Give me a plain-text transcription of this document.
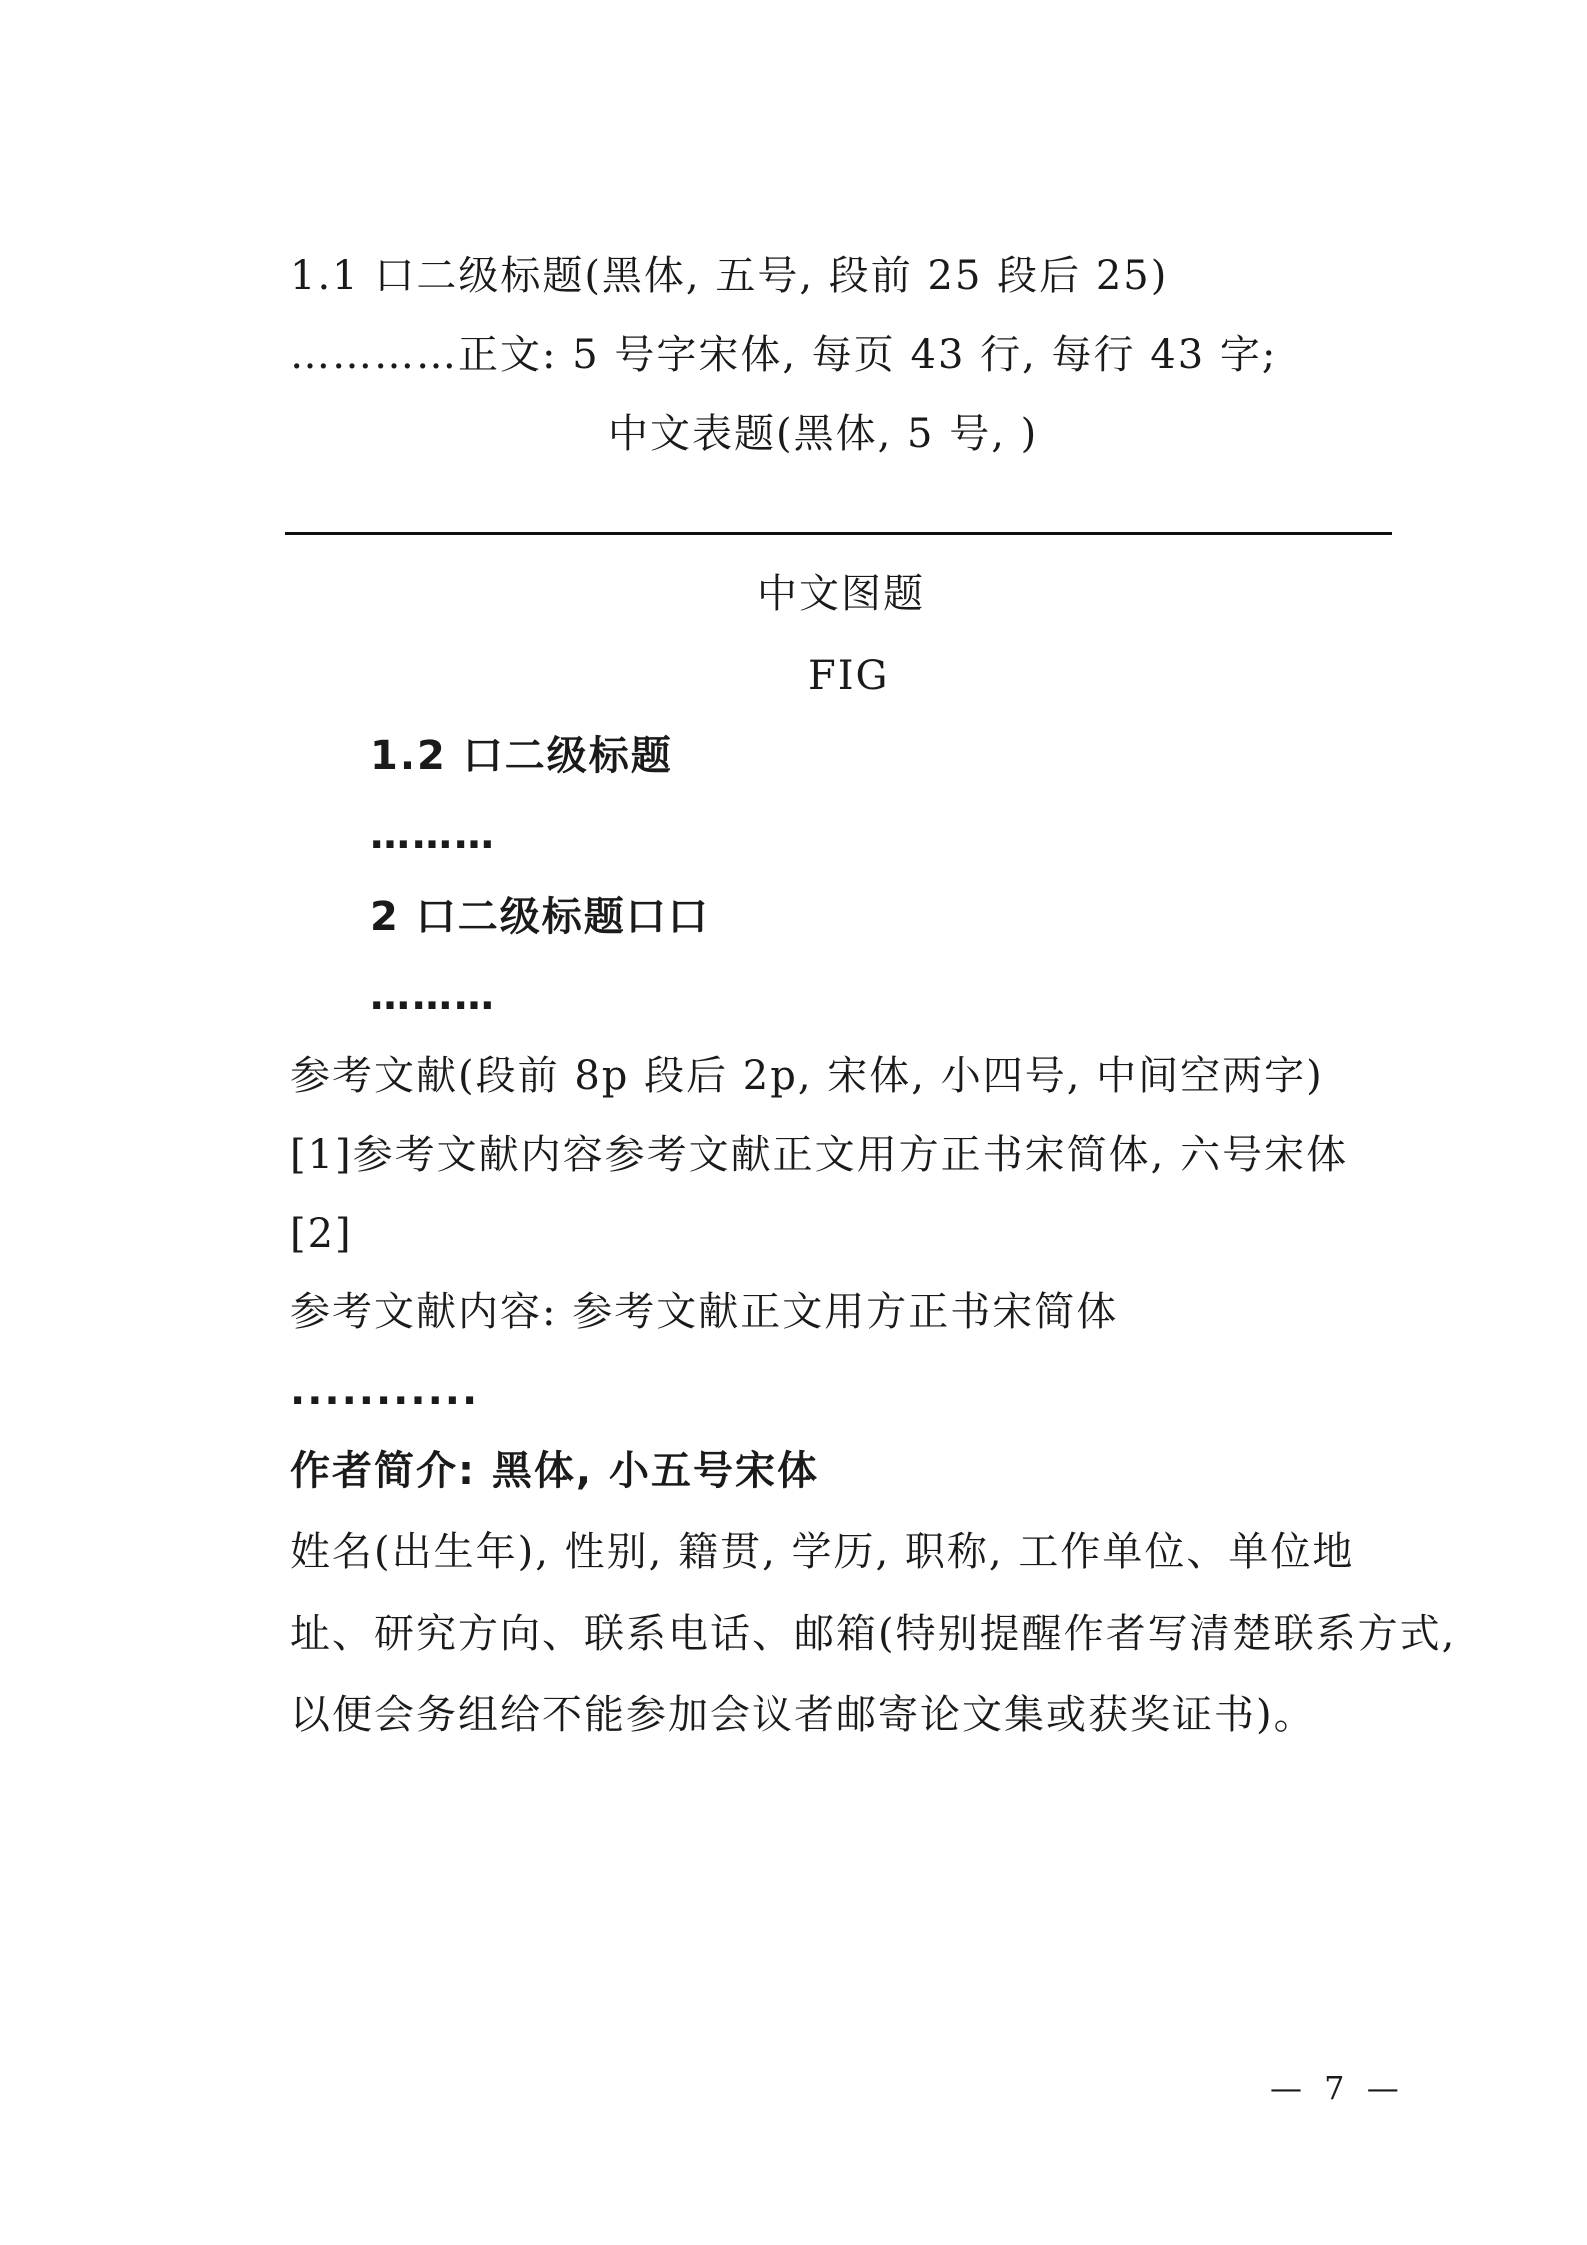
1.1 口二级标题(黑体, 五号, 段前 25 段后 25)
…………正文: 5 号字宋体, 每页 43 行, 每行 43 字;
中文表题(黑体, 5 号, )
中文图题
FIG
1.2 口二级标题
………
2 口二级标题口口
………
参考文献(段前 8p 段后 2p, 宋体, 小四号, 中间空两字)
[1]参考文献内容参考文献正文用方正书宋简体, 六号宋体
[2]
参考文献内容: 参考文献正文用方正书宋简体
...........
作者简介: 黑体, 小五号宋体
姓名(出生年), 性别, 籍贯, 学历, 职称, 工作单位、单位地
址、研究方向、联系电话、邮箱(特别提醒作者写清楚联系方式,
以便会务组给不能参加会议者邮寄论文集或获奖证书)。
— 7 —
